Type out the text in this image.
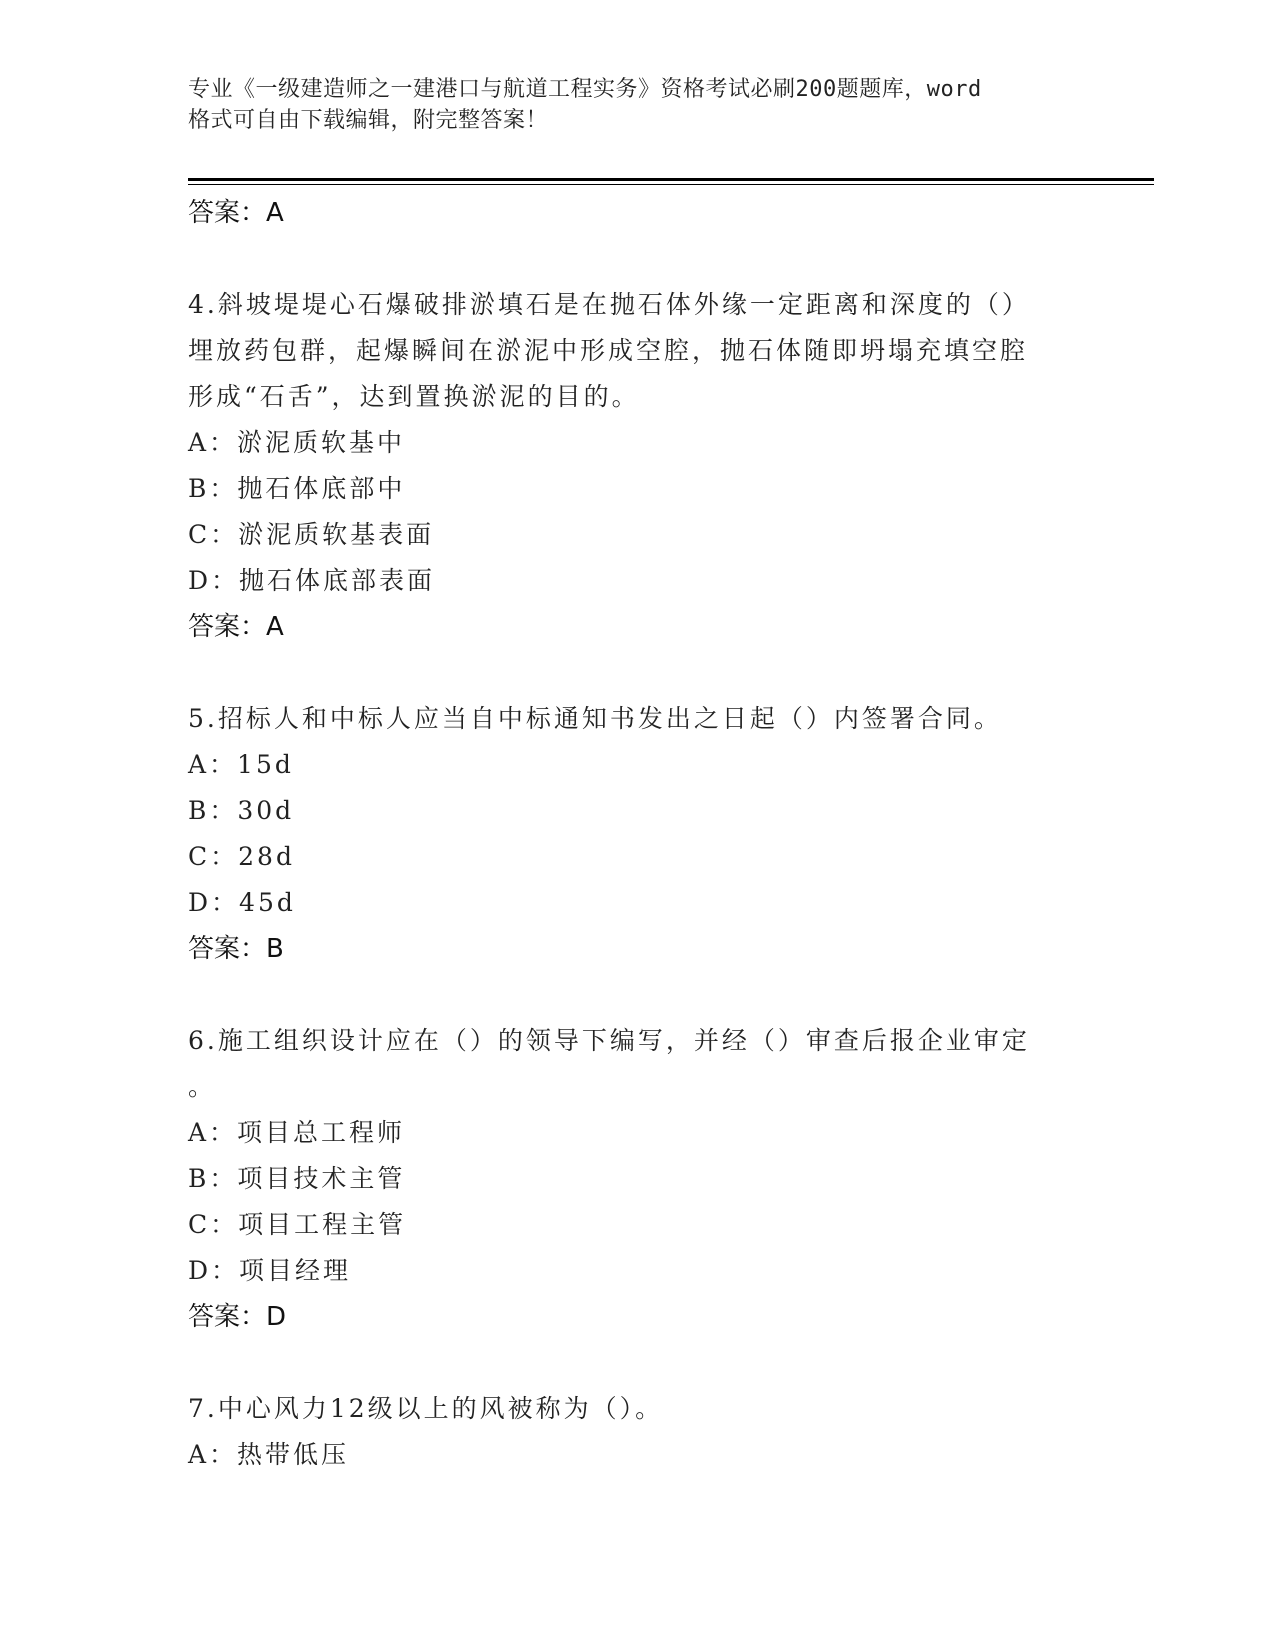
专业《一级建造师之一建港口与航道工程实务》资格考试必刷200题题库，word
格式可自由下载编辑，附完整答案！
答案：A
4.斜坡堤堤心石爆破排淤填石是在抛石体外缘一定距离和深度的（）
埋放药包群，起爆瞬间在淤泥中形成空腔，抛石体随即坍塌充填空腔
形成“石舌”，达到置换淤泥的目的。
A：淤泥质软基中
B：抛石体底部中
C：淤泥质软基表面
D：抛石体底部表面
答案：A
5.招标人和中标人应当自中标通知书发出之日起（）内签署合同。
A：15d
B：30d
C：28d
D：45d
答案：B
6.施工组织设计应在（）的领导下编写，并经（）审查后报企业审定
。
A：项目总工程师
B：项目技术主管
C：项目工程主管
D：项目经理
答案：D
7.中心风力12级以上的风被称为（）。
A：热带低压
